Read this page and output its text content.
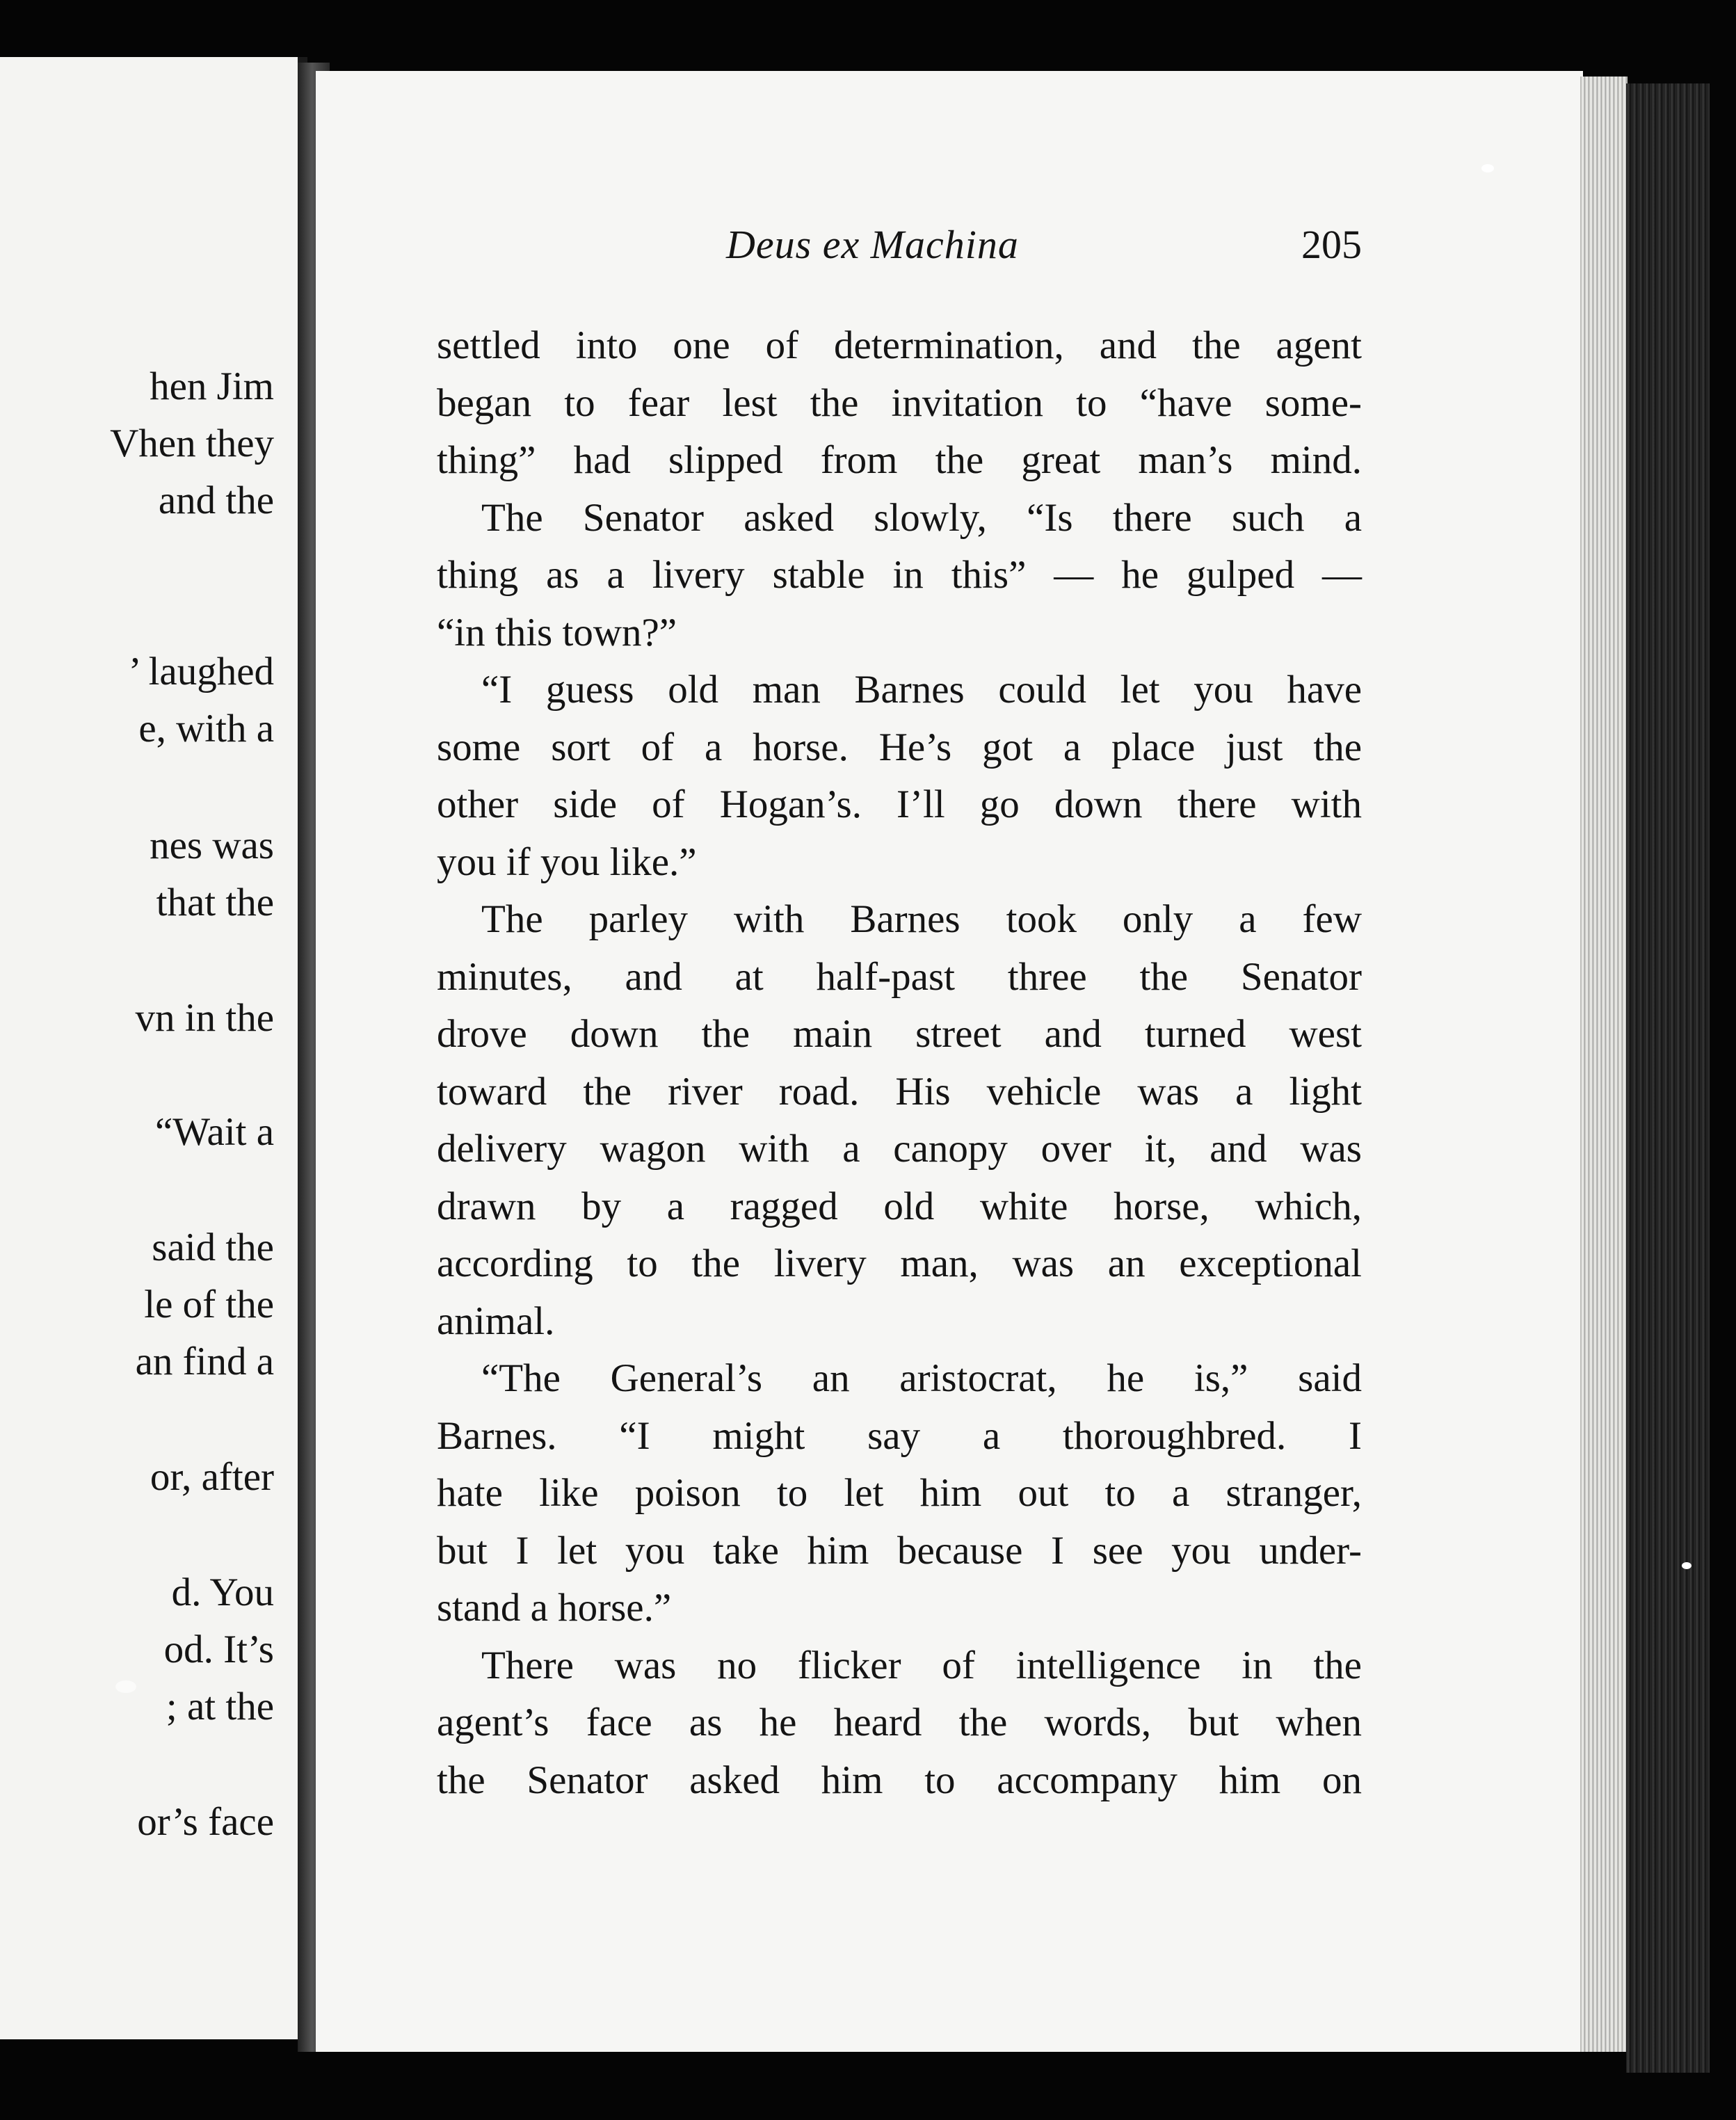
hen Jim
Vhen they
and the
’ laughed
e, with a
nes was
that the
vn in the
“Wait a
said the
le of the
an find a
or, after
d. You
od. It’s
; at the
or’s face
Deus ex Machina	205
settled into one of determination, and the agent
began to fear lest the invitation to “have some-
thing” had slipped from the great man’s mind.
The Senator asked slowly, “Is there such a
thing as a livery stable in this” — he gulped —
“in this town?”
“I guess old man Barnes could let you have
some sort of a horse. He’s got a place just the
other side of Hogan’s. I’ll go down there with
you if you like.”
The parley with Barnes took only a few
minutes, and at half-past three the Senator
drove down the main street and turned west
toward the river road. His vehicle was a light
delivery wagon with a canopy over it, and was
drawn by a ragged old white horse, which,
according to the livery man, was an exceptional
animal.
“The General’s an aristocrat, he is,” said
Barnes. “I might say a thoroughbred. I
hate like poison to let him out to a stranger,
but I let you take him because I see you under-
stand a horse.”
There was no flicker of intelligence in the
agent’s face as he heard the words, but when
the Senator asked him to accompany him on
